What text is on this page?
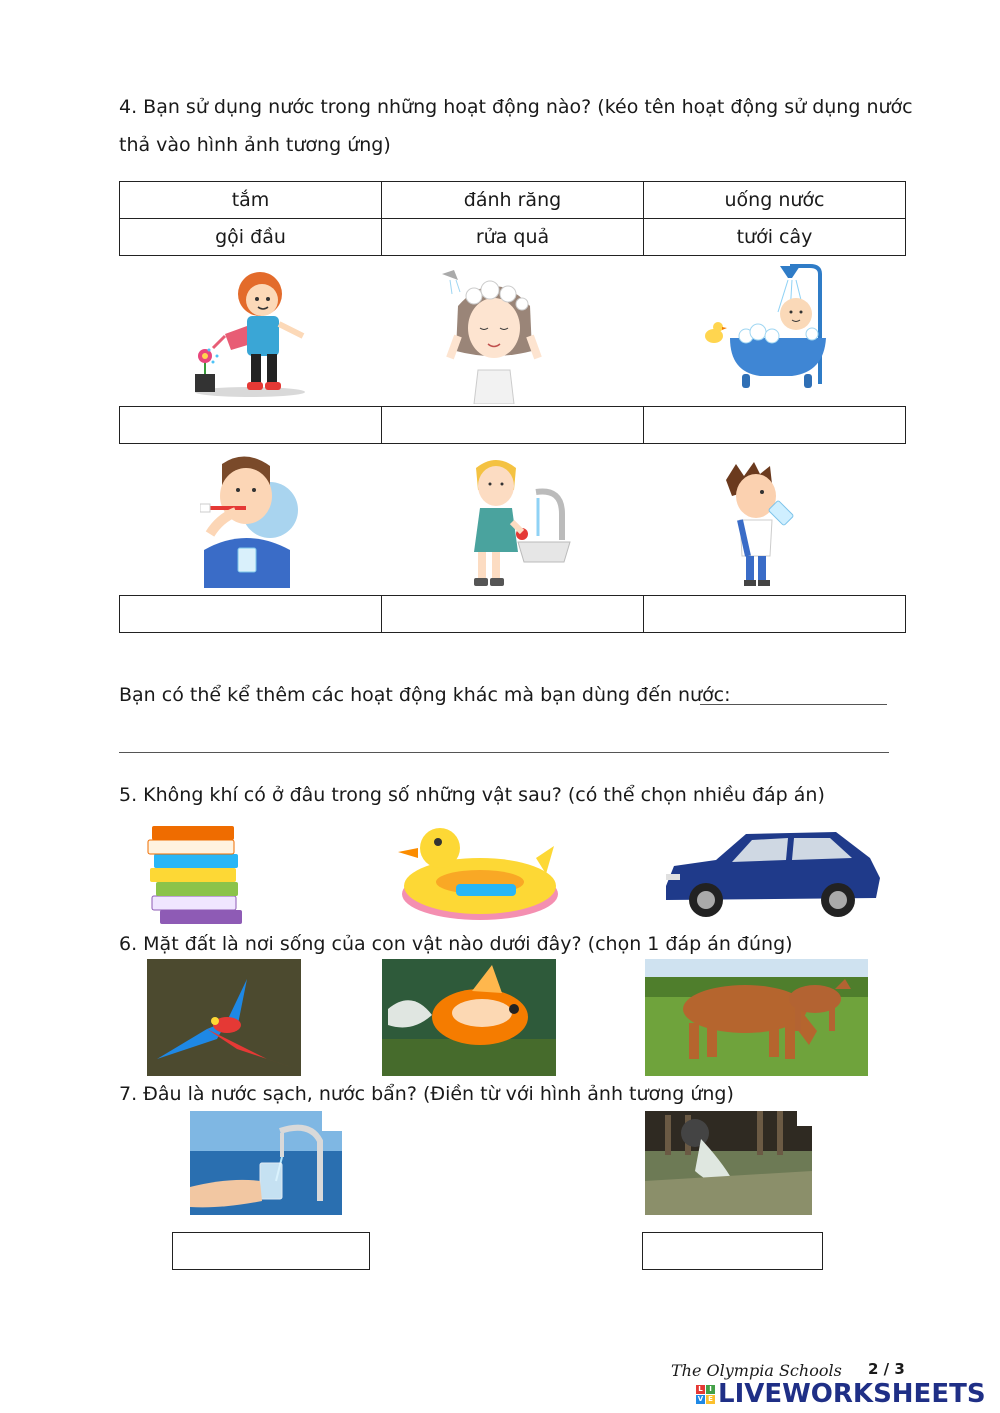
4. Bạn sử dụng nước trong những hoạt động nào? (kéo tên hoạt động sử dụng nước
thả vào hình ảnh tương ứng)
tắm	đánh răng	uống nước
gội đầu	rửa quả	tưới cây
Bạn có thể kể thêm các hoạt động khác mà bạn dùng đến nước:
5. Không khí có ở đâu trong số những vật sau? (có thể chọn nhiều đáp án)
6. Mặt đất là nơi sống của con vật nào dưới đây? (chọn 1 đáp án đúng)
7. Đâu là nước sạch, nước bẩn? (Điền từ với hình ảnh tương ứng)
The Olympia Schools 2 / 3
L I
V E LIVEWORKSHEETS
